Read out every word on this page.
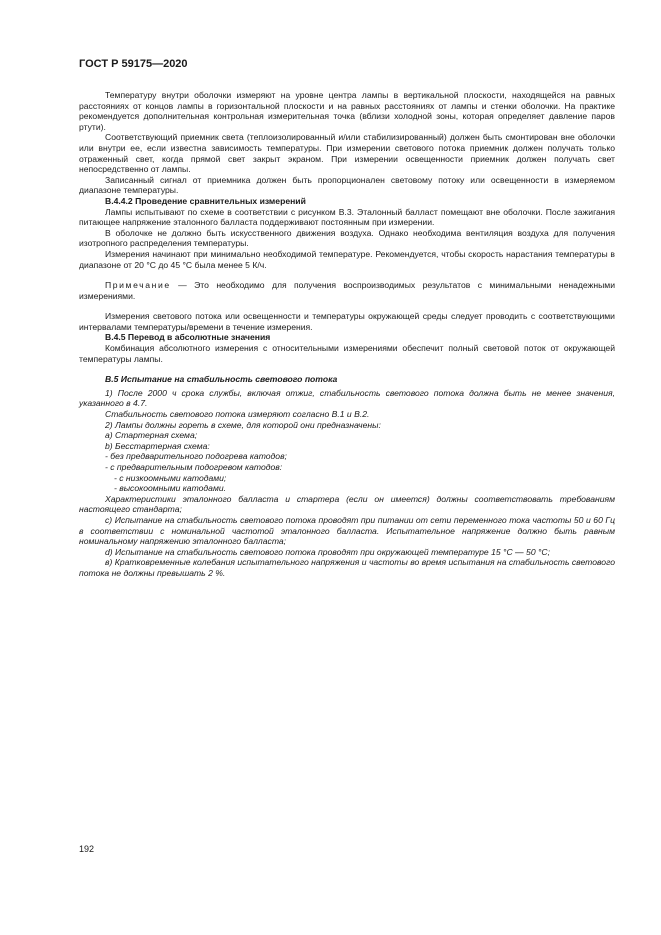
ГОСТ Р 59175—2020

Температуру внутри оболочки измеряют на уровне центра лампы в вертикальной плоскости, находящейся на равных расстояниях от концов лампы в горизонтальной плоскости и на равных расстояниях от лампы и стенки оболочки. На практике рекомендуется дополнительная контрольная измерительная точка (вблизи холодной зоны, которая определяет давление паров ртути).

Соответствующий приемник света (теплоизолированный и/или стабилизированный) должен быть смонтирован вне оболочки или внутри ее, если известна зависимость температуры. При измерении светового потока приемник должен получать только отраженный свет, когда прямой свет закрыт экраном. При измерении освещенности приемник должен получать свет непосредственно от лампы.

Записанный сигнал от приемника должен быть пропорционален световому потоку или освещенности в измеряемом диапазоне температуры.

B.4.4.2 Проведение сравнительных измерений

Лампы испытывают по схеме в соответствии с рисунком В.3. Эталонный балласт помещают вне оболочки. После зажигания питающее напряжение эталонного балласта поддерживают постоянным при измерении.

В оболочке не должно быть искусственного движения воздуха. Однако необходима вентиляция воздуха для получения изотропного распределения температуры.

Измерения начинают при минимально необходимой температуре. Рекомендуется, чтобы скорость нарастания температуры в диапазоне от 20 °С до 45 °С была менее 5 К/ч.

Примечание — Это необходимо для получения воспроизводимых результатов с минимальными ненадежными измерениями.

Измерения светового потока или освещенности и температуры окружающей среды следует проводить с соответствующими интервалами температуры/времени в течение измерения.

B.4.5 Перевод в абсолютные значения

Комбинация абсолютного измерения с относительными измерениями обеспечит полный световой поток от окружающей температуры лампы.

В.5 Испытание на стабильность светового потока

1) После 2000 ч срока службы, включая отжиг, стабильность светового потока должна быть не менее значения, указанного в 4.7.

Стабильность светового потока измеряют согласно В.1 и В.2.

2) Лампы должны гореть в схеме, для которой они предназначены:

а) Стартерная схема;

b) Бесстартерная схема:

- без предварительного подогрева катодов;

- с предварительным подогревом катодов:

- с низкоомными катодами;

- высокоомными катодами.

Характеристики эталонного балласта и стартера (если он имеется) должны соответствовать требованиям настоящего стандарта;

с) Испытание на стабильность светового потока проводят при питании от сети переменного тока частоты 50 и 60 Гц в соответствии с номинальной частотой эталонного балласта. Испытательное напряжение должно быть равным номинальному напряжению эталонного балласта;

d) Испытание на стабильность светового потока проводят при окружающей температуре 15 °С — 50 °С;

в) Кратковременные колебания испытательного напряжения и частоты во время испытания на стабильность светового потока не должны превышать 2 %.

192
